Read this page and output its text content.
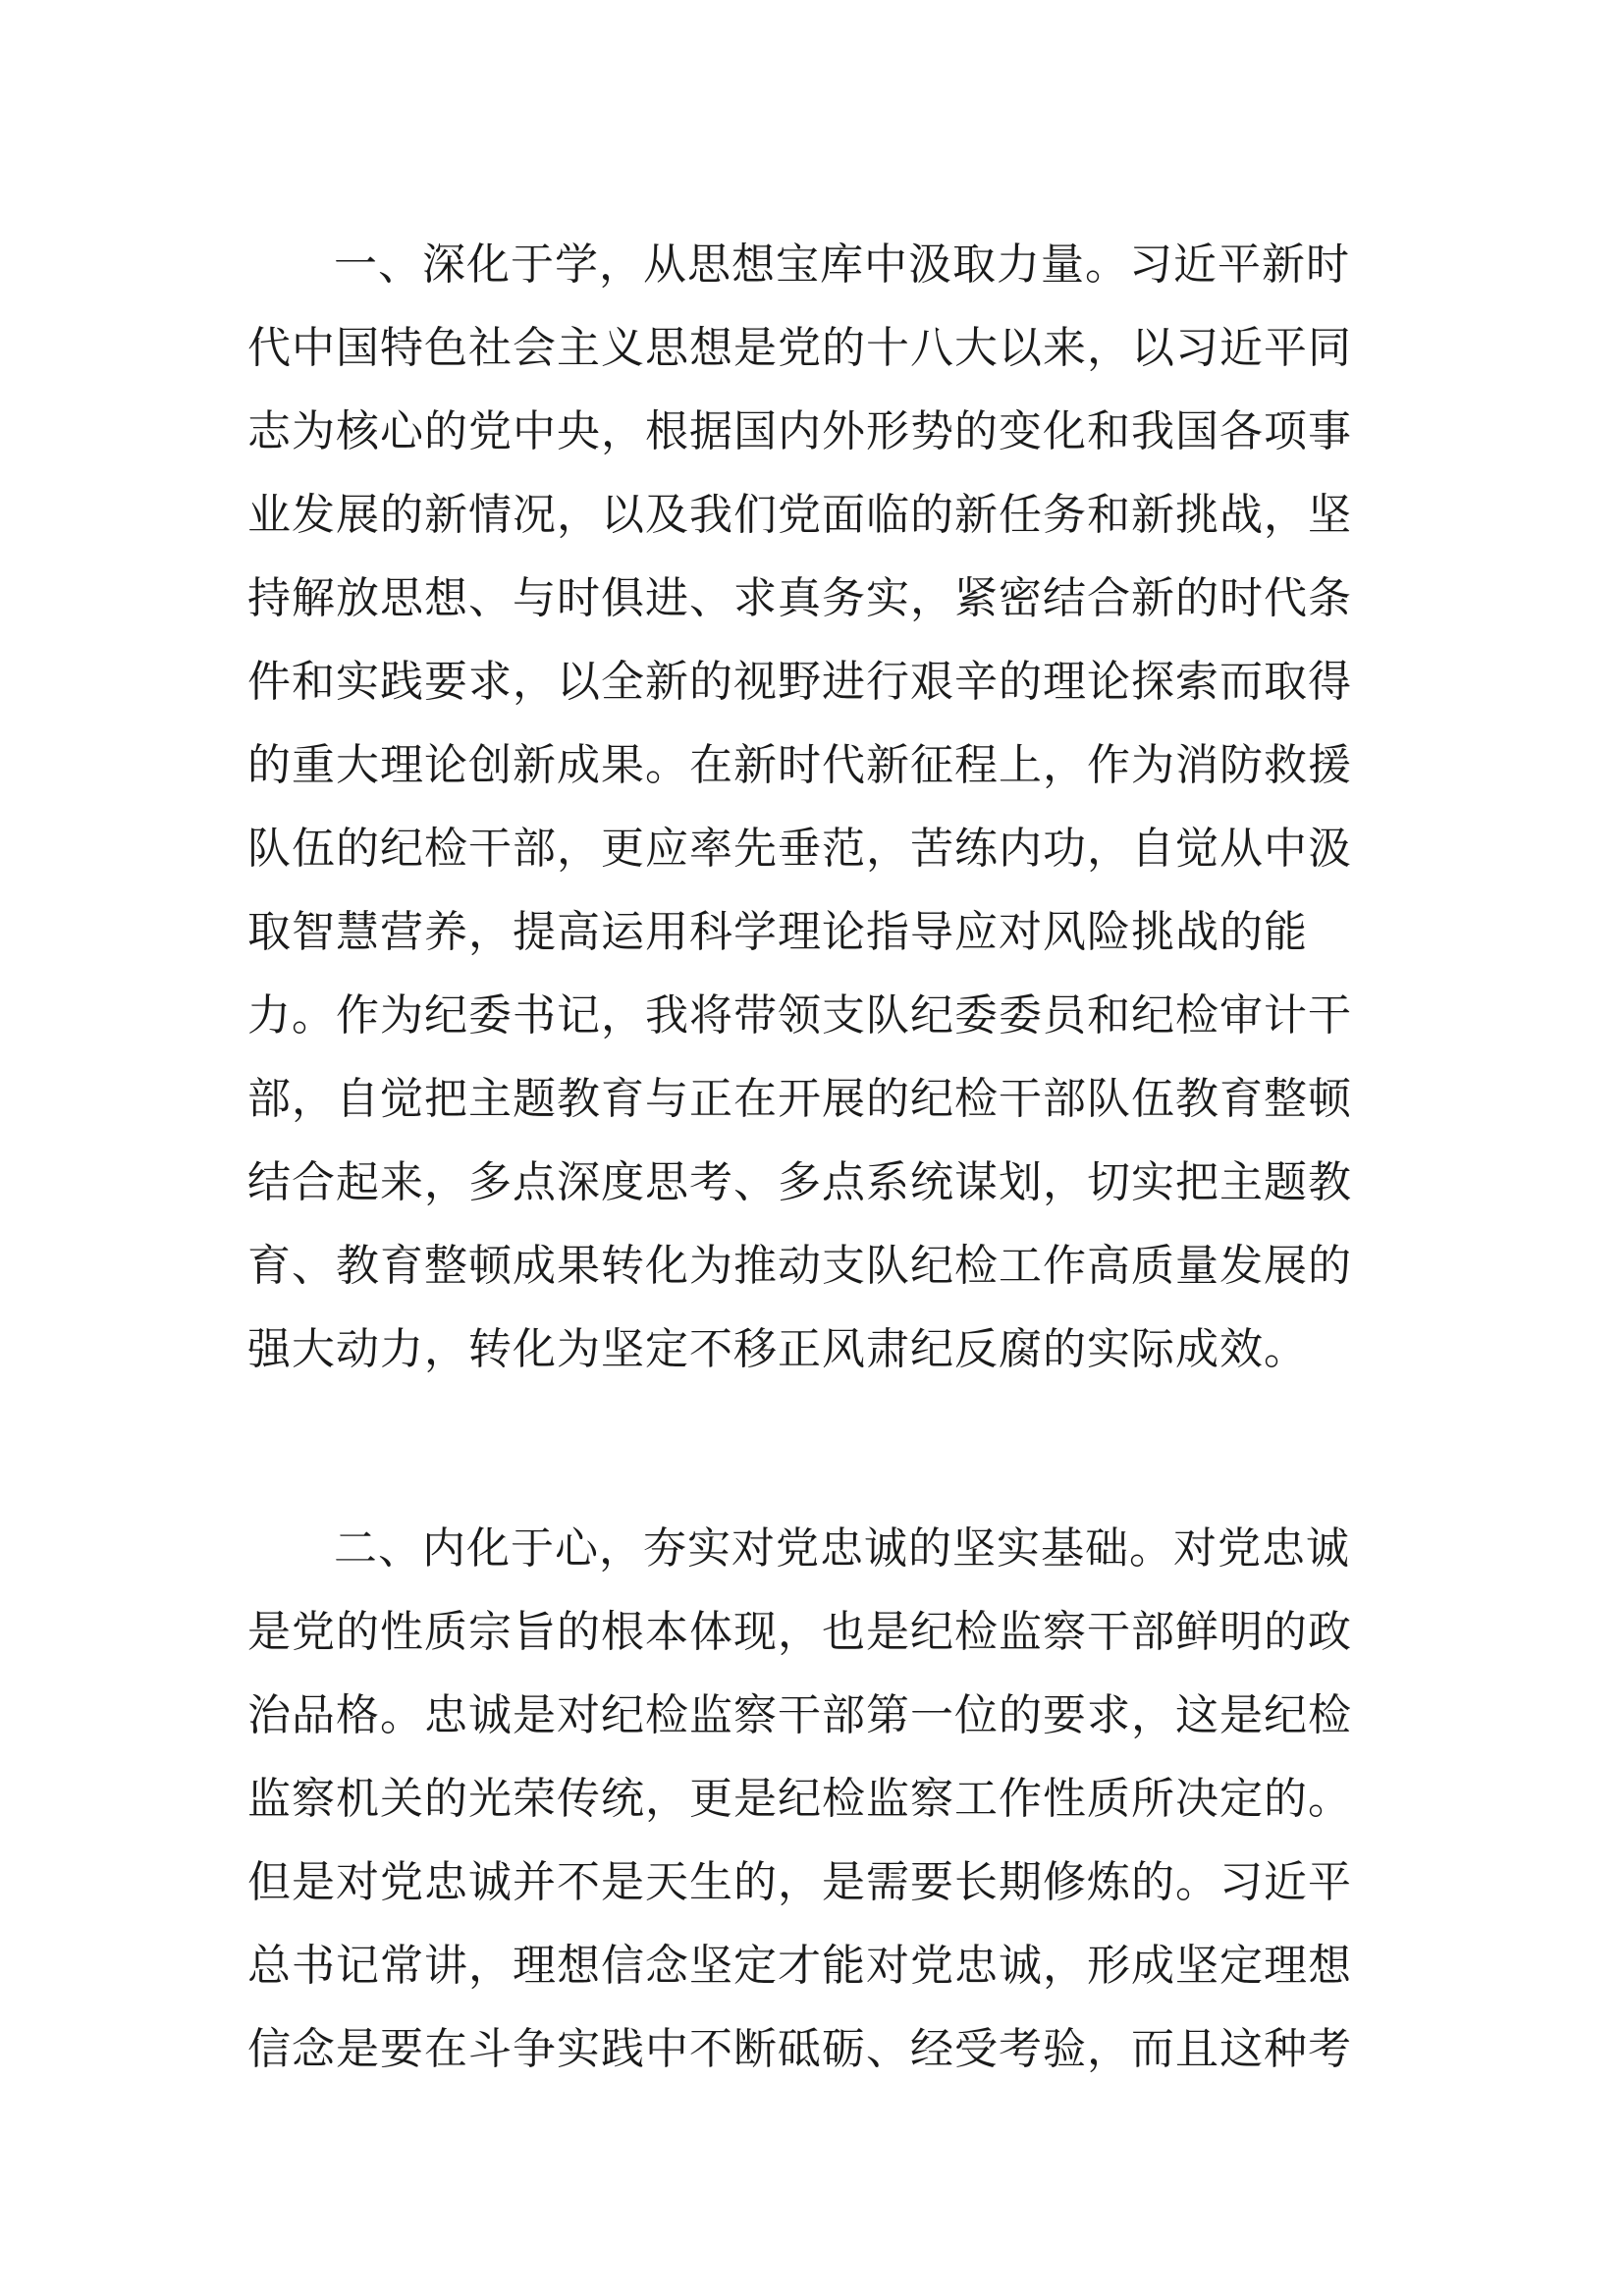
一、深化于学，从思想宝库中汲取力量。习近平新时
代中国特色社会主义思想是党的十八大以来，以习近平同
志为核心的党中央，根据国内外形势的变化和我国各项事
业发展的新情况，以及我们党面临的新任务和新挑战，坚
持解放思想、与时俱进、求真务实，紧密结合新的时代条
件和实践要求，以全新的视野进行艰辛的理论探索而取得
的重大理论创新成果。在新时代新征程上，作为消防救援
队伍的纪检干部，更应率先垂范，苦练内功，自觉从中汲
取智慧营养，提高运用科学理论指导应对风险挑战的能
力。作为纪委书记，我将带领支队纪委委员和纪检审计干
部，自觉把主题教育与正在开展的纪检干部队伍教育整顿
结合起来，多点深度思考、多点系统谋划，切实把主题教
育、教育整顿成果转化为推动支队纪检工作高质量发展的
强大动力，转化为坚定不移正风肃纪反腐的实际成效。
二、内化于心，夯实对党忠诚的坚实基础。对党忠诚
是党的性质宗旨的根本体现，也是纪检监察干部鲜明的政
治品格。忠诚是对纪检监察干部第一位的要求，这是纪检
监察机关的光荣传统，更是纪检监察工作性质所决定的。
但是对党忠诚并不是天生的，是需要长期修炼的。习近平
总书记常讲，理想信念坚定才能对党忠诚，形成坚定理想
信念是要在斗争实践中不断砥砺、经受考验，而且这种考
